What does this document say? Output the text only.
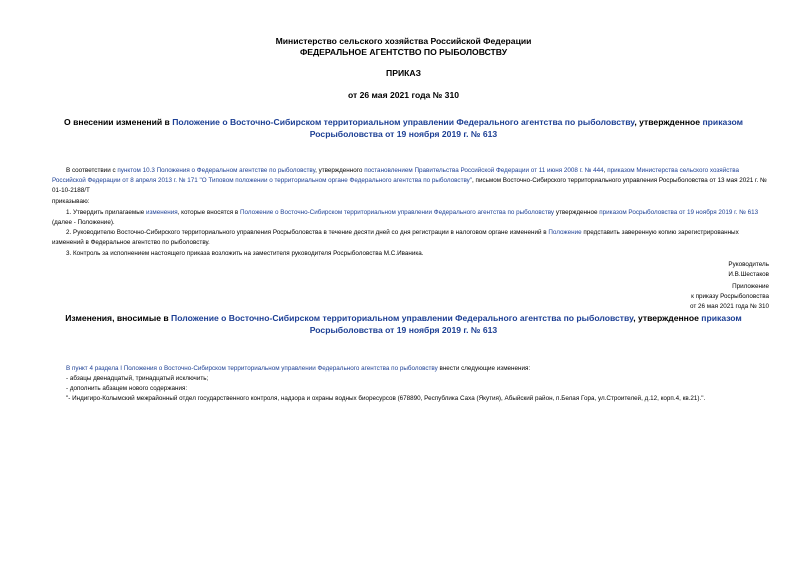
Министерство сельского хозяйства Российской Федерации
ФЕДЕРАЛЬНОЕ АГЕНТСТВО ПО РЫБОЛОВСТВУ
ПРИКАЗ
от 26 мая 2021 года № 310
О внесении изменений в Положение о Восточно-Сибирском территориальном управлении Федерального агентства по рыболовству, утвержденное приказом Росрыболовства от 19 ноября 2019 г. № 613
В соответствии с пунктом 10.3 Положения о Федеральном агентстве по рыболовству, утвержденного постановлением Правительства Российской Федерации от 11 июня 2008 г. № 444, приказом Министерства сельского хозяйства Российской Федерации от 8 апреля 2013 г. № 171 "О Типовом положении о территориальном органе Федерального агентства по рыболовству", письмом Восточно-Сибирского территориального управления Росрыболовства от 13 мая 2021 г. № 01-10-2188/Т
приказываю:
1. Утвердить прилагаемые изменения, которые вносятся в Положение о Восточно-Сибирском территориальном управлении Федерального агентства по рыболовству утвержденное приказом Росрыболовства от 19 ноября 2019 г. № 613 (далее - Положение).
2. Руководителю Восточно-Сибирского территориального управления Росрыболовства в течение десяти дней со дня регистрации в налоговом органе изменений в Положение представить заверенную копию зарегистрированных изменений в Федеральное агентство по рыболовству.
3. Контроль за исполнением настоящего приказа возложить на заместителя руководителя Росрыболовства М.С.Иваника.
Руководитель
И.В.Шестаков
Приложение
к приказу Росрыболовства
от 26 мая 2021 года № 310
Изменения, вносимые в Положение о Восточно-Сибирском территориальном управлении Федерального агентства по рыболовству, утвержденное приказом Росрыболовства от 19 ноября 2019 г. № 613
В пункт 4 раздела I Положения о Восточно-Сибирском территориальном управлении Федерального агентства по рыболовству внести следующие изменения:
- абзацы двенадцатый, тринадцатый исключить;
- дополнить абзацем нового содержания:
"- Индигиро-Колымский межрайонный отдел государственного контроля, надзора и охраны водных биоресурсов (678890, Республика Саха (Якутия), Абыйский район, п.Белая Гора, ул.Строителей, д.12, корп.4, кв.21).".
